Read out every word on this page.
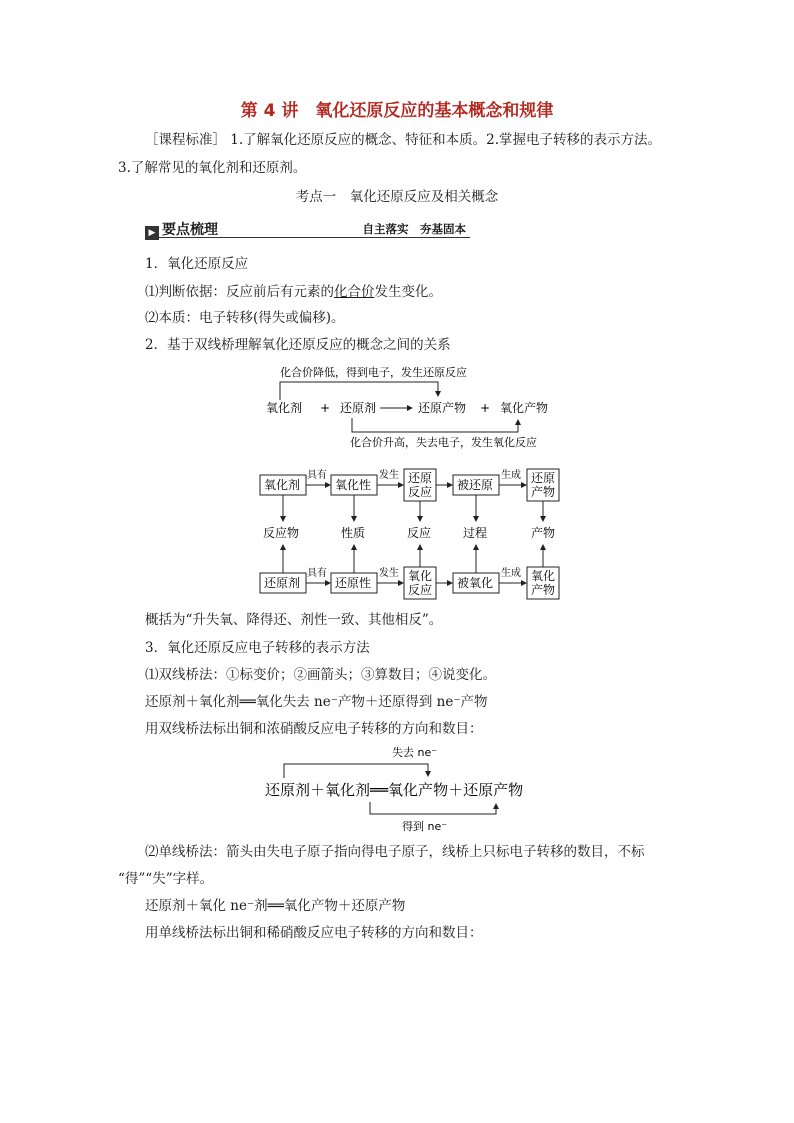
第 4 讲　氧化还原反应的基本概念和规律
［课程标准］ 1.了解氧化还原反应的概念、特征和本质。2.掌握电子转移的表示方法。
3.了解常见的氧化剂和还原剂。
考点一　氧化还原反应及相关概念
▶ 要点梳理	自主落实　夯基固本
1．氧化还原反应
⑴判断依据：反应前后有元素的化合价发生变化。
⑵本质：电子转移(得失或偏移)。
2．基于双线桥理解氧化还原反应的概念之间的关系
化合价降低，得到电子，发生还原反应
氧化剂 + 还原剂	还原产物 + 氧化产物
化合价升高，失去电子，发生氧化反应
氧化剂
具有
氧化性
发生 还原
反应 被还原
生成 还原
产物
反应物	性质	反应	过程	产物
还原剂
具有
还原性
发生 氧化
反应 被氧化
生成 氧化
产物
概括为“升失氧、降得还、剂性一致、其他相反”。
3．氧化还原反应电子转移的表示方法
⑴双线桥法：①标变价；②画箭头；③算数目；④说变化。
还原剂＋氧化剂══氧化失去 ne⁻产物＋还原得到 ne⁻产物
用双线桥法标出铜和浓硝酸反应电子转移的方向和数目：
失去 ne⁻
还原剂＋氧化剂══氧化产物＋还原产物
得到 ne⁻
⑵单线桥法：箭头由失电子原子指向得电子原子，线桥上只标电子转移的数目，不标
“得”“失”字样。
还原剂＋氧化 ne⁻剂══氧化产物＋还原产物
用单线桥法标出铜和稀硝酸反应电子转移的方向和数目：
